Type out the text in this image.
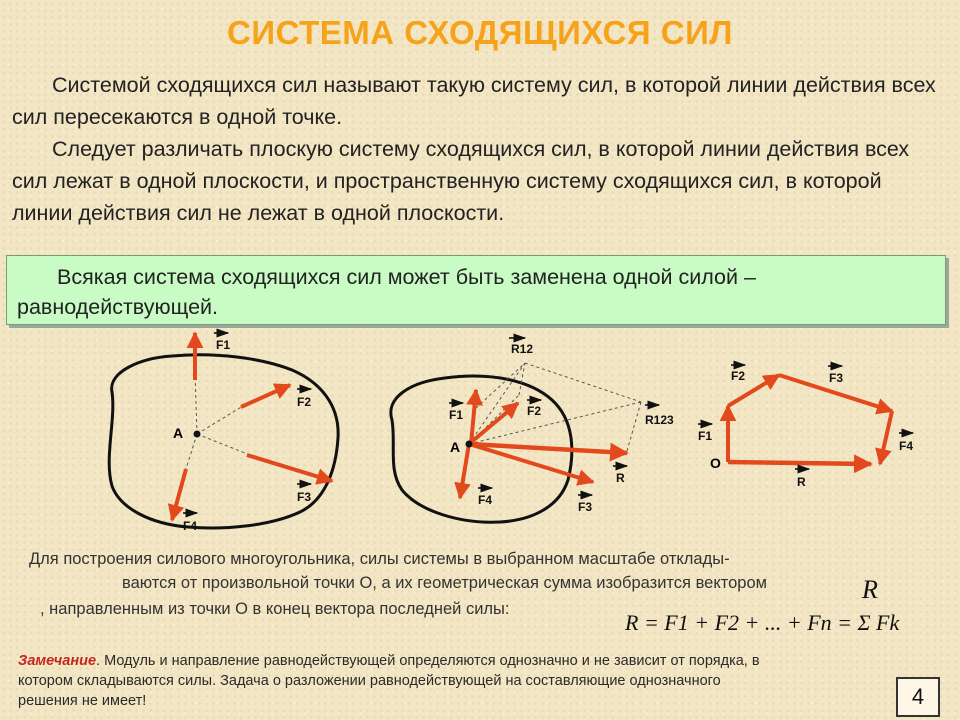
СИСТЕМА СХОДЯЩИХСЯ СИЛ
Системой сходящихся сил называют такую систему сил, в которой линии действия всех сил пересекаются в одной точке.
Следует различать плоскую систему сходящихся сил, в которой линии действия всех сил лежат в одной плоскости, и пространственную систему сходящихся сил, в которой линии действия сил не лежат в одной плоскости.
Всякая система сходящихся сил может быть заменена одной силой – равнодействующей.
A
F1
F2
F3
F4
A
R12
R123
R
F1	F2
F3
F4
O
F2	F3
F1
F4
R
Для построения силового многоугольника, силы системы в выбранном масштабе отклады-
ваются от произвольной точки О, а их геометрическая сумма изобразится вектором
, направленным из точки О в конец вектора последней силы:
R
R = F1 + F2 + ... + Fn = Σ Fk
Замечание. Модуль и направление равнодействующей определяются однозначно и не зависит от порядка, в котором складываются силы. Задача о разложении равнодействующей на составляющие однозначного решения не имеет!	4
